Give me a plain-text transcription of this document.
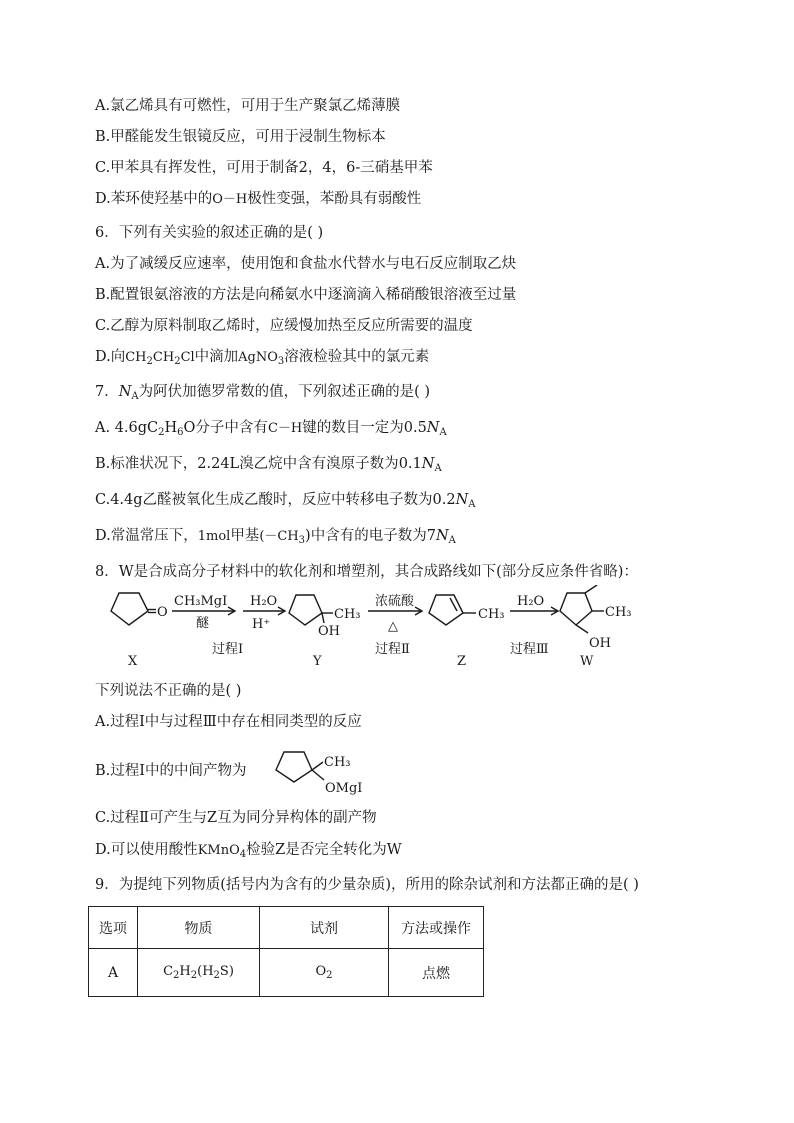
A.氯乙烯具有可燃性，可用于生产聚氯乙烯薄膜
B.甲醛能发生银镜反应，可用于浸制生物标本
C.甲苯具有挥发性，可用于制备2，4，6-三硝基甲苯
D.苯环使羟基中的O－H极性变强，苯酚具有弱酸性
6．下列有关实验的叙述正确的是( )
A.为了减缓反应速率，使用饱和食盐水代替水与电石反应制取乙炔
B.配置银氨溶液的方法是向稀氨水中逐滴滴入稀硝酸银溶液至过量
C.乙醇为原料制取乙烯时，应缓慢加热至反应所需要的温度
D.向$CH_2CH_2Cl$中滴加AgNO$_3$溶液检验其中的氯元素
7．$N_A$为阿伏加德罗常数的值，下列叙述正确的是( )
A. $4.6gC_2H_6O$分子中含有C－H键的数目一定为$0.5N_A$
B.标准状况下，2.24L溴乙烷中含有溴原子数为$0.1N_A$
C.4.4g乙醛被氧化生成乙酸时，反应中转移电子数为$0.2N_A$
D.常温常压下，1mol甲基$(-CH_3)$中含有的电子数为$7N_A$
8．W是合成高分子材料中的软化剂和增塑剂，其合成路线如下(部分反应条件省略)：
O
CH₃MgI
醚
H₂O
H⁺
CH₃
OH
浓硫酸
△
CH₃
H₂O
CH₃
OH
X
过程Ⅰ
Y
过程Ⅱ
Z
过程Ⅲ
W
下列说法不正确的是( )
A.过程Ⅰ中与过程Ⅲ中存在相同类型的反应
B.过程Ⅰ中的中间产物为
CH₃
OMgI
C.过程Ⅱ可产生与Z互为同分异构体的副产物
D.可以使用酸性KMnO$_4$检验Z是否完全转化为W
9．为提纯下列物质(括号内为含有的少量杂质)，所用的除杂试剂和方法都正确的是( )
选项	物质	试剂	方法或操作
A	$C_2H_2(H_2S)$	$O_2$	点燃
